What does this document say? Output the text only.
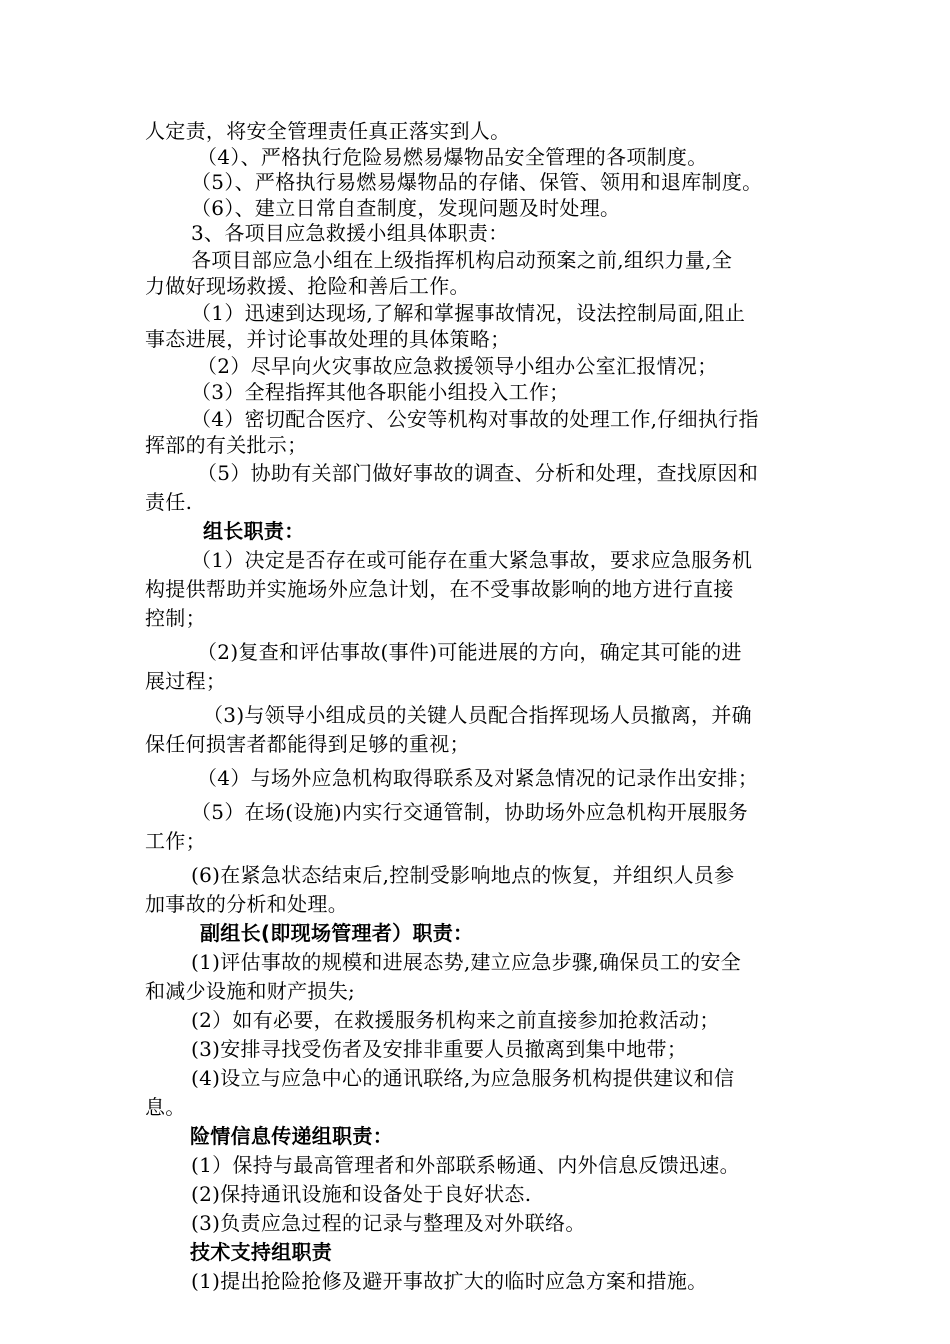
人定责，将安全管理责任真正落实到人。
（4）、严格执行危险易燃易爆物品安全管理的各项制度。
（5）、严格执行易燃易爆物品的存储、保管、领用和退库制度。
（6）、建立日常自查制度，发现问题及时处理。
3、各项目应急救援小组具体职责：
各项目部应急小组在上级指挥机构启动预案之前,组织力量,全
力做好现场救援、抢险和善后工作。
（1）迅速到达现场,了解和掌握事故情况，设法控制局面,阻止
事态进展，并讨论事故处理的具体策略；
（2）尽早向火灾事故应急救援领导小组办公室汇报情况；
（3）全程指挥其他各职能小组投入工作；
（4）密切配合医疗、公安等机构对事故的处理工作,仔细执行指
挥部的有关批示；
（5）协助有关部门做好事故的调查、分析和处理，查找原因和
责任.
组长职责：
（1）决定是否存在或可能存在重大紧急事故，要求应急服务机
构提供帮助并实施场外应急计划，在不受事故影响的地方进行直接
控制；
（2)复查和评估事故(事件)可能进展的方向，确定其可能的进
展过程；
（3)与领导小组成员的关键人员配合指挥现场人员撤离，并确
保任何损害者都能得到足够的重视；
（4）与场外应急机构取得联系及对紧急情况的记录作出安排；
（5）在场(设施)内实行交通管制，协助场外应急机构开展服务
工作；
(6)在紧急状态结束后,控制受影响地点的恢复，并组织人员参
加事故的分析和处理。
副组长(即现场管理者）职责：
(1)评估事故的规模和进展态势,建立应急步骤,确保员工的安全
和减少设施和财产损失;
(2）如有必要，在救援服务机构来之前直接参加抢救活动；
(3)安排寻找受伤者及安排非重要人员撤离到集中地带；
(4)设立与应急中心的通讯联络,为应急服务机构提供建议和信
息。
险情信息传递组职责：
(1）保持与最高管理者和外部联系畅通、内外信息反馈迅速。
(2)保持通讯设施和设备处于良好状态.
(3)负责应急过程的记录与整理及对外联络。
技术支持组职责
(1)提出抢险抢修及避开事故扩大的临时应急方案和措施。
